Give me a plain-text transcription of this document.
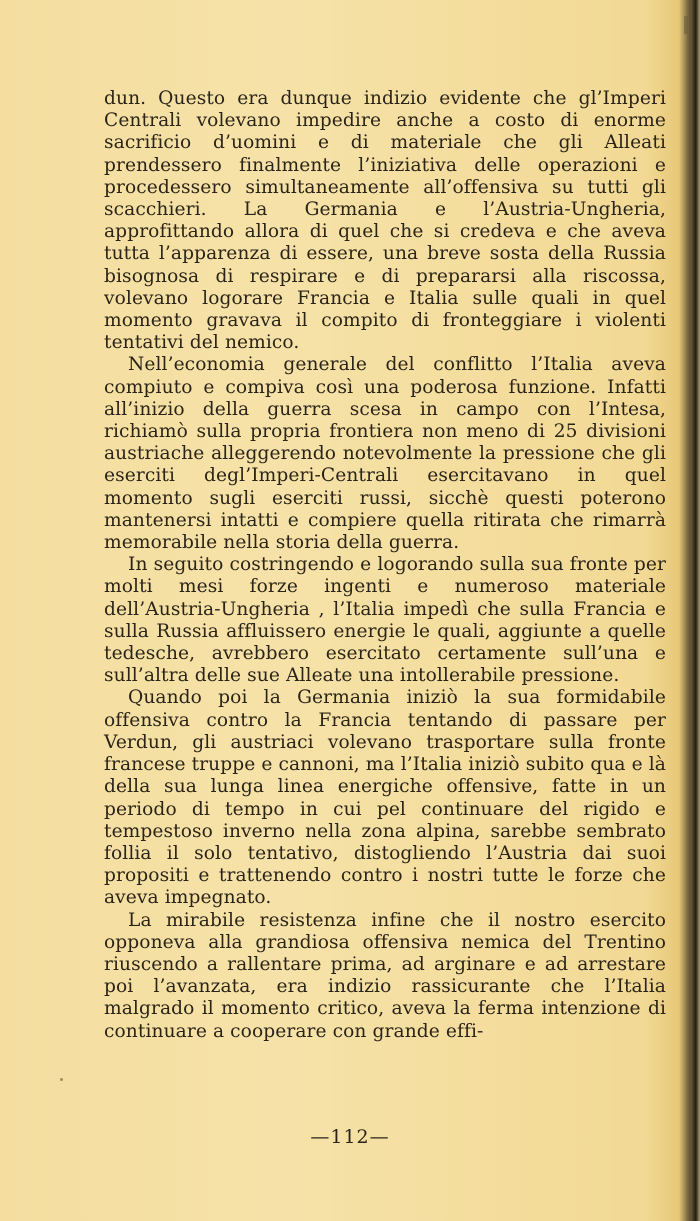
dun. Questo era dunque indizio evidente che gl’Imperi Centrali volevano impedire anche a costo di enorme sacrificio d’uomini e di materiale che gli Alleati prendessero finalmente l’iniziativa delle operazioni e procedessero simultaneamente all’offensiva su tutti gli scacchieri. La Germania e l’Austria-Ungheria, approfittando allora di quel che si credeva e che aveva tutta l’apparenza di essere, una breve sosta della Russia bisognosa di respirare e di prepararsi alla riscossa, volevano logorare Francia e Italia sulle quali in quel momento gravava il compito di fronteggiare i violenti tentativi del nemico.

Nell’economia generale del conflitto l’Italia aveva compiuto e compiva così una poderosa funzione. Infatti all’inizio della guerra scesa in campo con l’Intesa, richiamò sulla propria frontiera non meno di 25 divisioni austriache alleggerendo notevolmente la pressione che gli eserciti degl’Imperi-Centrali esercitavano in quel momento sugli eserciti russi, sicchè questi poterono mantenersi intatti e compiere quella ritirata che rimarrà memorabile nella storia della guerra.

In seguito costringendo e logorando sulla sua fronte per molti mesi forze ingenti e numeroso materiale dell’Austria-Ungheria , l’Italia impedì che sulla Francia e sulla Russia affluissero energie le quali, aggiunte a quelle tedesche, avrebbero esercitato certamente sull’una e sull’altra delle sue Alleate una intollerabile pressione.

Quando poi la Germania iniziò la sua formidabile offensiva contro la Francia tentando di passare per Verdun, gli austriaci volevano trasportare sulla fronte francese truppe e cannoni, ma l’Italia iniziò subito qua e là della sua lunga linea energiche offensive, fatte in un periodo di tempo in cui pel continuare del rigido e tempestoso inverno nella zona alpina, sarebbe sembrato follia il solo tentativo, distogliendo l’Austria dai suoi propositi e trattenendo contro i nostri tutte le forze che aveva impegnato.

La mirabile resistenza infine che il nostro esercito opponeva alla grandiosa offensiva nemica del Trentino riuscendo a rallentare prima, ad arginare e ad arrestare poi l’avanzata, era indizio rassicurante che l’Italia malgrado il momento critico, aveva la ferma intenzione di continuare a cooperare con grande effi-

—112—
